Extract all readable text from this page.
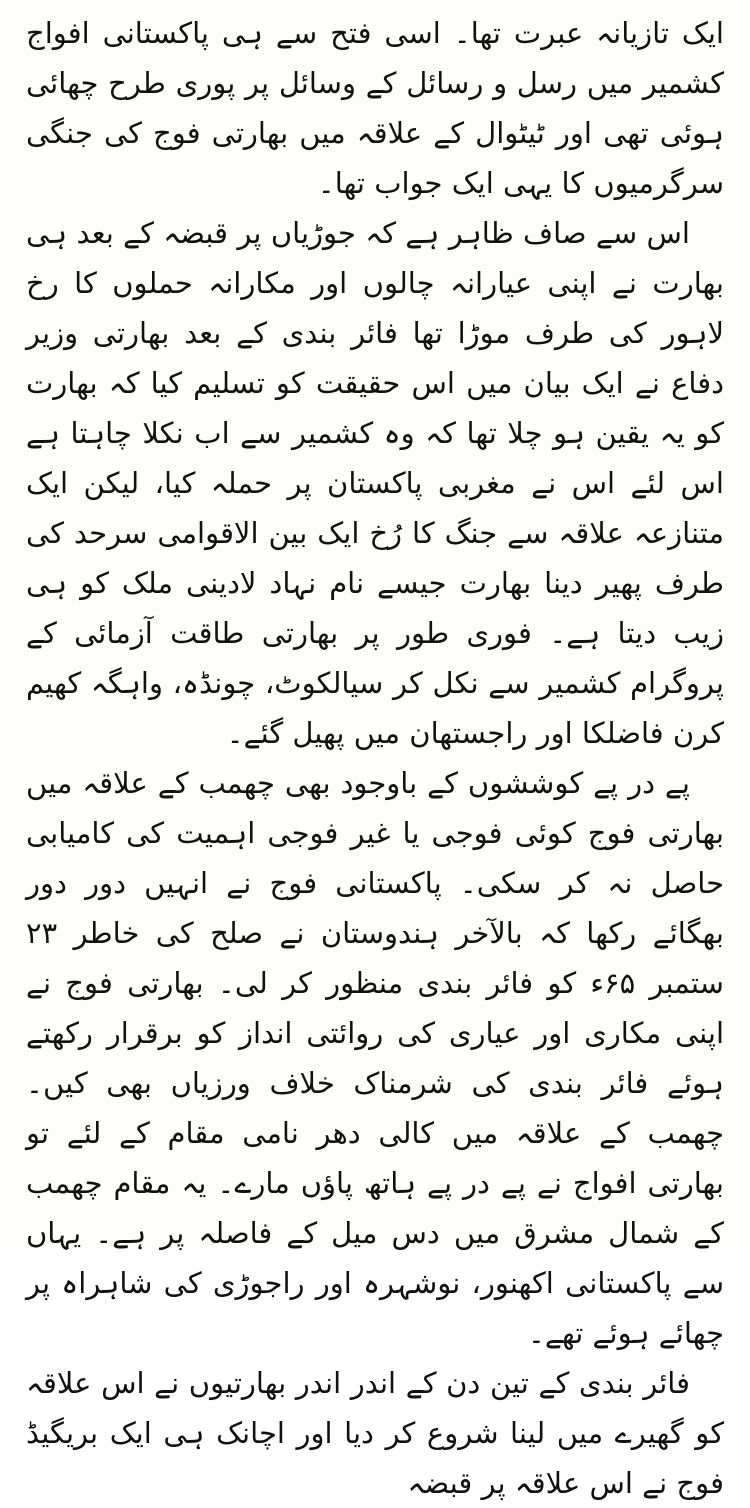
ایک تازیانہ عبرت تھا۔ اسی فتح سے ہی پاکستانی افواج کشمیر میں رسل و رسائل کے وسائل پر پوری طرح چھائی ہوئی تھی اور ٹیٹوال کے علاقہ میں بھارتی فوج کی جنگی سرگرمیوں کا یہی ایک جواب تھا۔

اس سے صاف ظاہر ہے کہ جوڑیاں پر قبضہ کے بعد ہی بھارت نے اپنی عیارانہ چالوں اور مکارانہ حملوں کا رخ لاہور کی طرف موڑا تھا فائر بندی کے بعد بھارتی وزیر دفاع نے ایک بیان میں اس حقیقت کو تسلیم کیا کہ بھارت کو یہ یقین ہو چلا تھا کہ وہ کشمیر سے اب نکلا چاہتا ہے اس لئے اس نے مغربی پاکستان پر حملہ کیا، لیکن ایک متنازعہ علاقہ سے جنگ کا رُخ ایک بین الاقوامی سرحد کی طرف پھیر دینا بھارت جیسے نام نہاد لادینی ملک کو ہی زیب دیتا ہے۔ فوری طور پر بھارتی طاقت آزمائی کے پروگرام کشمیر سے نکل کر سیالکوٹ، چونڈہ، واہگہ کھیم کرن فاضلکا اور راجستھان میں پھیل گئے۔

پے در پے کوششوں کے باوجود بھی چھمب کے علاقہ میں بھارتی فوج کوئی فوجی یا غیر فوجی اہمیت کی کامیابی حاصل نہ کر سکی۔ پاکستانی فوج نے انہیں دور دور بھگائے رکھا کہ بالآخر ہندوستان نے صلح کی خاطر ۲۳ ستمبر ۶۵ء کو فائر بندی منظور کر لی۔ بھارتی فوج نے اپنی مکاری اور عیاری کی روائتی انداز کو برقرار رکھتے ہوئے فائر بندی کی شرمناک خلاف ورزیاں بھی کیں۔ چھمب کے علاقہ میں کالی دھر نامی مقام کے لئے تو بھارتی افواج نے پے در پے ہاتھ پاؤں مارے۔ یہ مقام چھمب کے شمال مشرق میں دس میل کے فاصلہ پر ہے۔ یہاں سے پاکستانی اکھنور، نوشہرہ اور راجوڑی کی شاہراہ پر چھائے ہوئے تھے۔

فائر بندی کے تین دن کے اندر اندر بھارتیوں نے اس علاقہ کو گھیرے میں لینا شروع کر دیا اور اچانک ہی ایک بریگیڈ فوج نے اس علاقہ پر قبضہ
